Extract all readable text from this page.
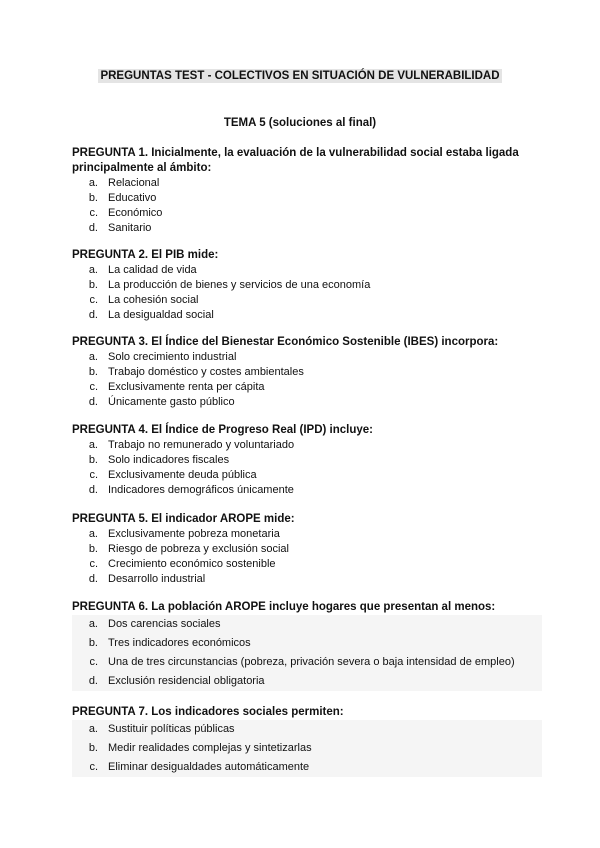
PREGUNTAS TEST - COLECTIVOS EN SITUACIÓN DE VULNERABILIDAD
TEMA 5 (soluciones al final)
PREGUNTA 1. Inicialmente, la evaluación de la vulnerabilidad social estaba ligada principalmente al ámbito:
a. Relacional
b. Educativo
c. Económico
d. Sanitario
PREGUNTA 2. El PIB mide:
a. La calidad de vida
b. La producción de bienes y servicios de una economía
c. La cohesión social
d. La desigualdad social
PREGUNTA 3. El Índice del Bienestar Económico Sostenible (IBES) incorpora:
a. Solo crecimiento industrial
b. Trabajo doméstico y costes ambientales
c. Exclusivamente renta per cápita
d. Únicamente gasto público
PREGUNTA 4. El Índice de Progreso Real (IPD) incluye:
a. Trabajo no remunerado y voluntariado
b. Solo indicadores fiscales
c. Exclusivamente deuda pública
d. Indicadores demográficos únicamente
PREGUNTA 5. El indicador AROPE mide:
a. Exclusivamente pobreza monetaria
b. Riesgo de pobreza y exclusión social
c. Crecimiento económico sostenible
d. Desarrollo industrial
PREGUNTA 6. La población AROPE incluye hogares que presentan al menos:
a. Dos carencias sociales
b. Tres indicadores económicos
c. Una de tres circunstancias (pobreza, privación severa o baja intensidad de empleo)
d. Exclusión residencial obligatoria
PREGUNTA 7. Los indicadores sociales permiten:
a. Sustituir políticas públicas
b. Medir realidades complejas y sintetizarlas
c. Eliminar desigualdades automáticamente
